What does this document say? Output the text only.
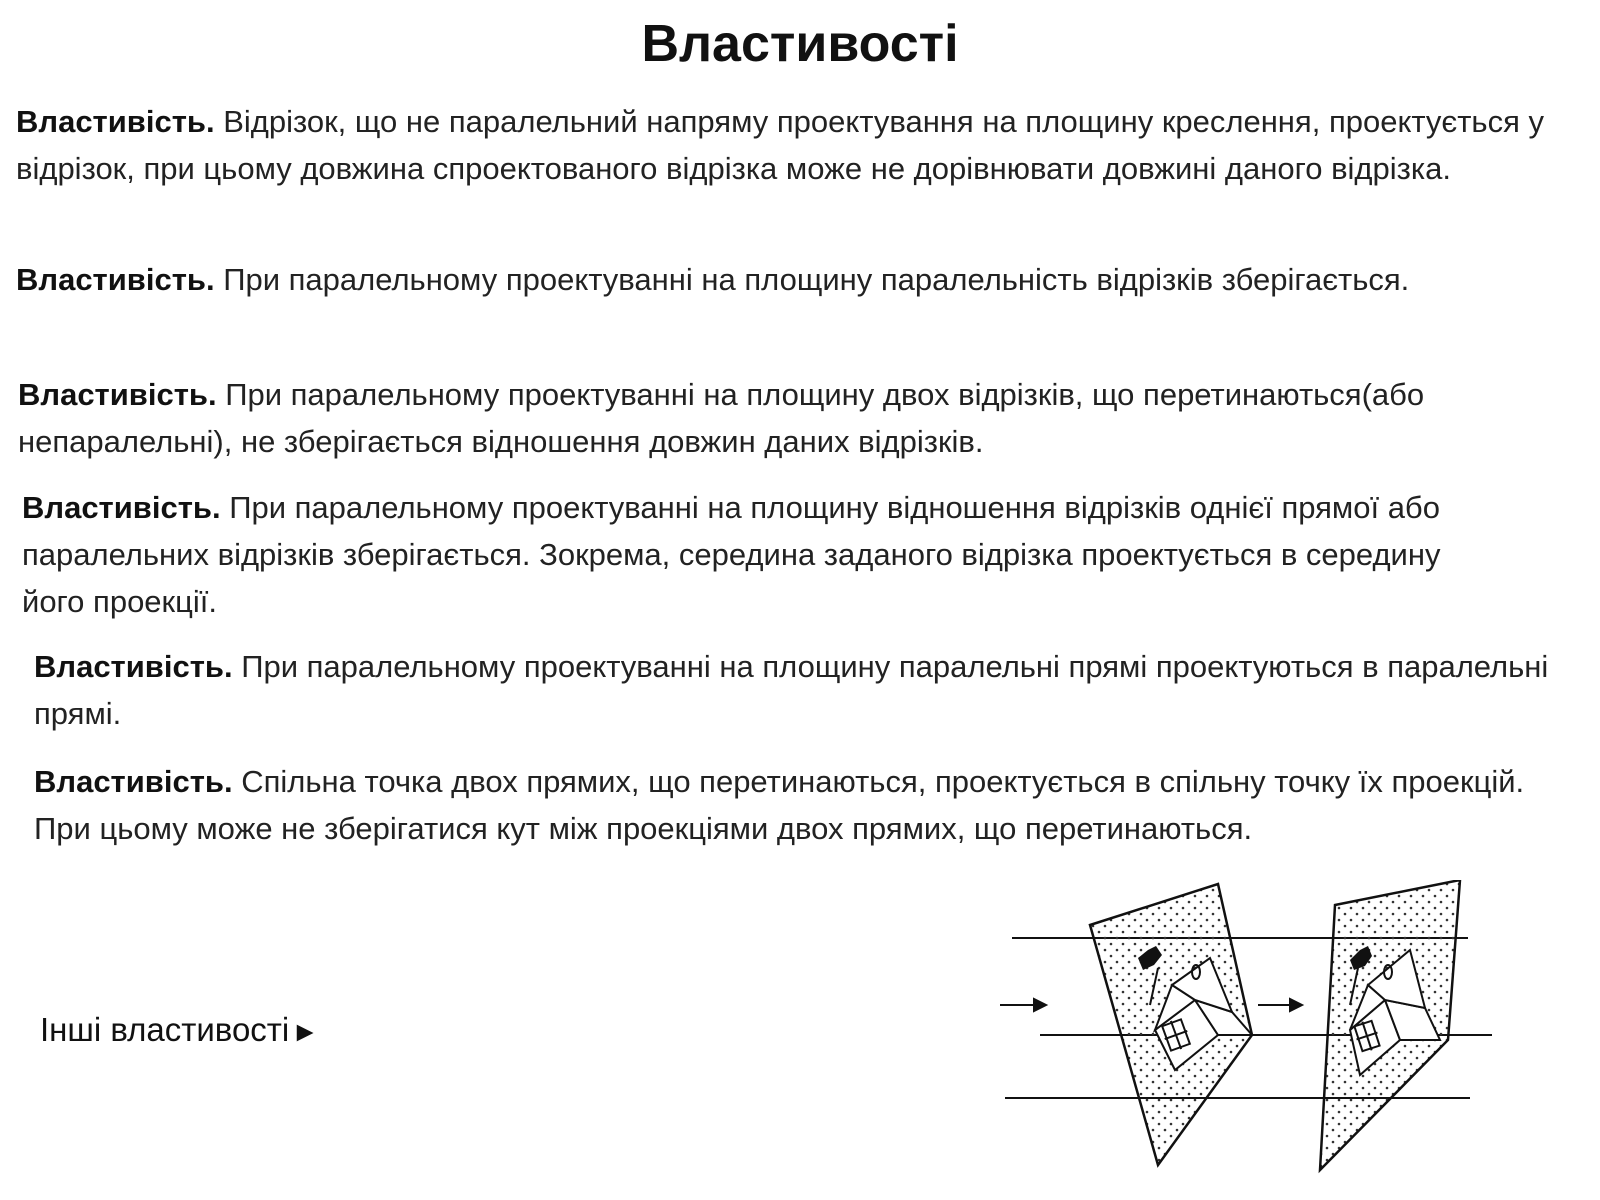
Властивості

Властивість. Відрізок, що не паралельний напряму проектування на площину креслення, проектується у відрізок, при цьому довжина спроектованого відрізка може не дорівнювати довжині даного відрізка.

Властивість. При паралельному проектуванні на площину паралельність відрізків зберігається.

Властивість. При паралельному проектуванні на площину двох відрізків, що перетинаються(або непаралельні), не зберігається відношення довжин даних відрізків.

Властивість. При паралельному проектуванні на площину відношення відрізків однієї прямої або паралельних відрізків зберігається. Зокрема, середина заданого відрізка проектується в середину його проекції.

Властивість. При паралельному проектуванні на площину паралельні прямі проектуються в паралельні прямі.

Властивість. Спільна точка двох прямих, що перетинаються, проектується в спільну точку їх проекцій. При цьому може не зберігатися кут між проекціями двох прямих, що перетинаються.

Інші властивості►
